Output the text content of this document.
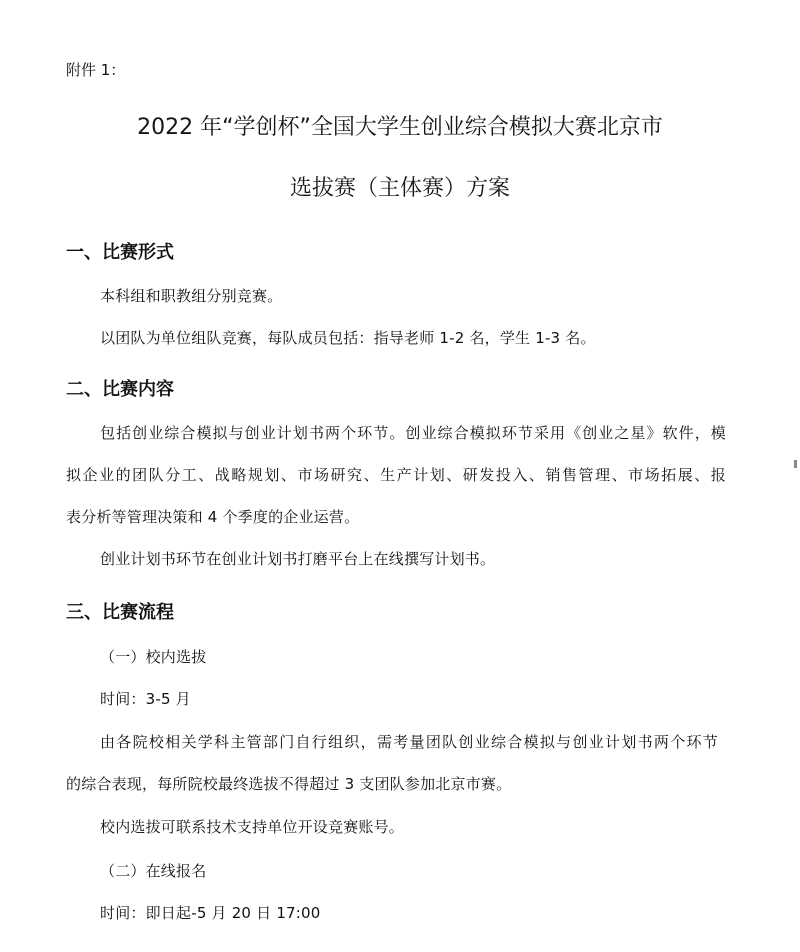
附件 1：
2022 年“学创杯”全国大学生创业综合模拟大赛北京市
选拔赛（主体赛）方案
一、比赛形式
本科组和职教组分别竞赛。
以团队为单位组队竞赛，每队成员包括：指导老师 1-2 名，学生 1-3 名。
二、比赛内容
包括创业综合模拟与创业计划书两个环节。创业综合模拟环节采用《创业之星》软件，模
拟企业的团队分工、战略规划、市场研究、生产计划、研发投入、销售管理、市场拓展、报
表分析等管理决策和 4 个季度的企业运营。
创业计划书环节在创业计划书打磨平台上在线撰写计划书。
三、比赛流程
（一）校内选拔
时间：3-5 月
由各院校相关学科主管部门自行组织，需考量团队创业综合模拟与创业计划书两个环节
的综合表现，每所院校最终选拔不得超过 3 支团队参加北京市赛。
校内选拔可联系技术支持单位开设竞赛账号。
（二）在线报名
时间：即日起-5 月 20 日 17:00
